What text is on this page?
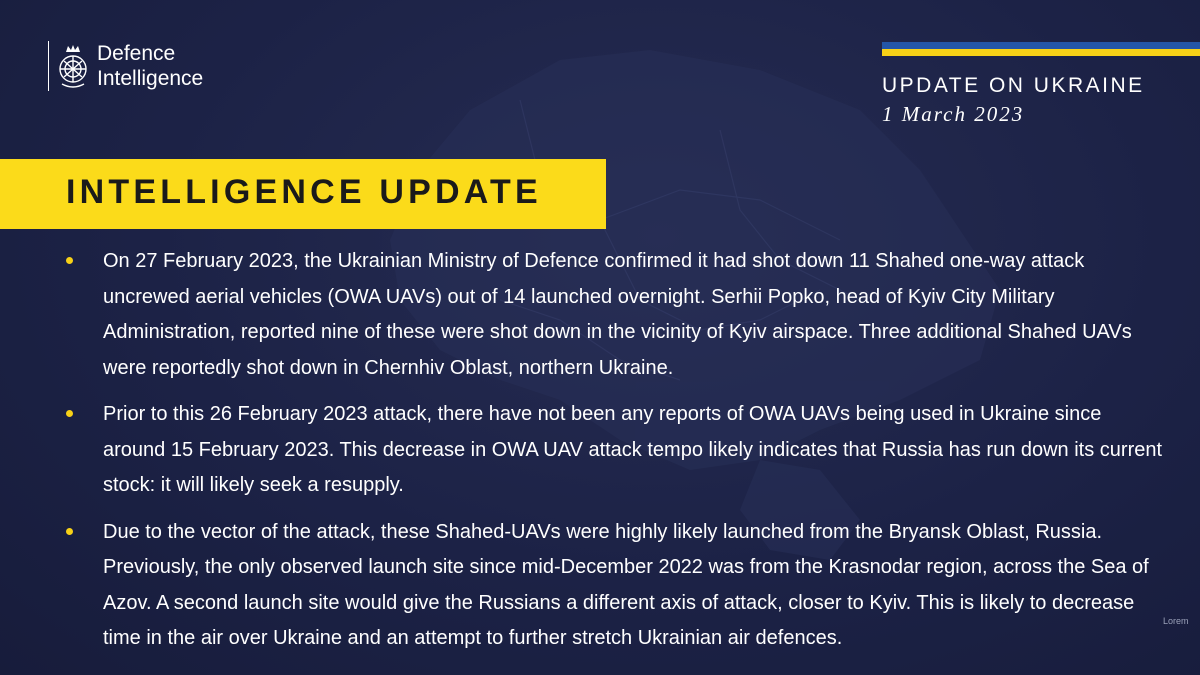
Defence
Intelligence	UPDATE ON UKRAINE
1 March 2023
INTELLIGENCE UPDATE
On 27 February 2023, the Ukrainian Ministry of Defence confirmed it had shot down 11 Shahed one-way attack uncrewed aerial vehicles (OWA UAVs) out of 14 launched overnight. Serhii Popko, head of Kyiv City Military Administration, reported nine of these were shot down in the vicinity of Kyiv airspace. Three additional Shahed UAVs were reportedly shot down in Chernhiv Oblast, northern Ukraine.
Prior to this 26 February 2023 attack, there have not been any reports of OWA UAVs being used in Ukraine since around 15 February 2023. This decrease in OWA UAV attack tempo likely indicates that Russia has run down its current stock: it will likely seek a resupply.
Due to the vector of the attack, these Shahed-UAVs were highly likely launched from the Bryansk Oblast, Russia. Previously, the only observed launch site since mid-December 2022 was from the Krasnodar region, across the Sea of Azov. A second launch site would give the Russians a different axis of attack, closer to Kyiv. This is likely to decrease time in the air over Ukraine and an attempt to further stretch Ukrainian air defences.
Lorem
